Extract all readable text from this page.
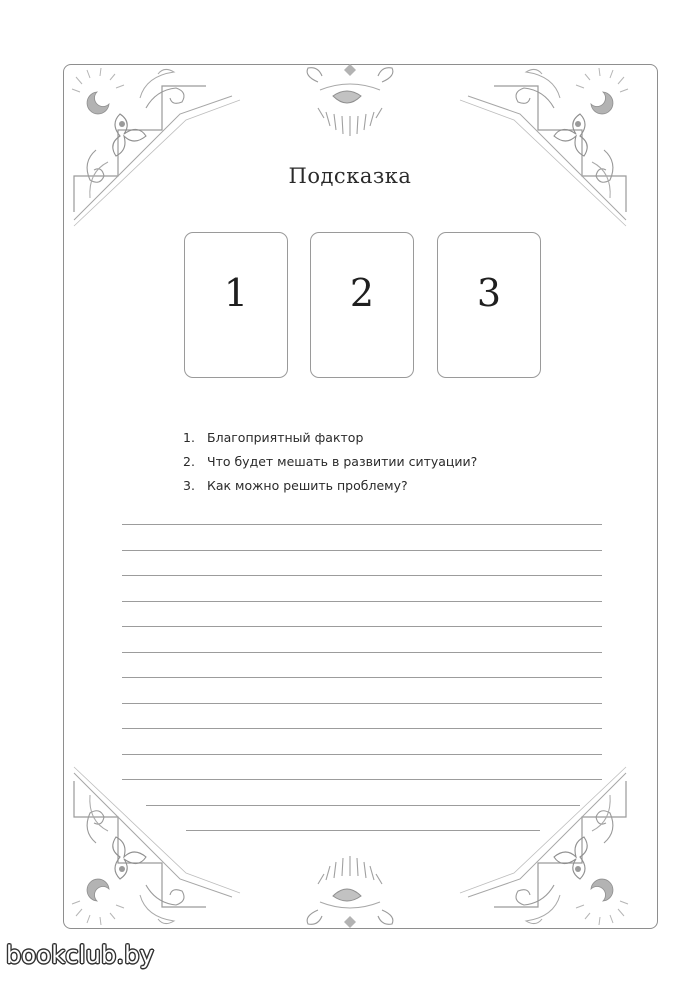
Подсказка
1	2	3
1. Благоприятный фактор
2. Что будет мешать в развитии ситуации?
3. Как можно решить проблему?
bookclub.by
